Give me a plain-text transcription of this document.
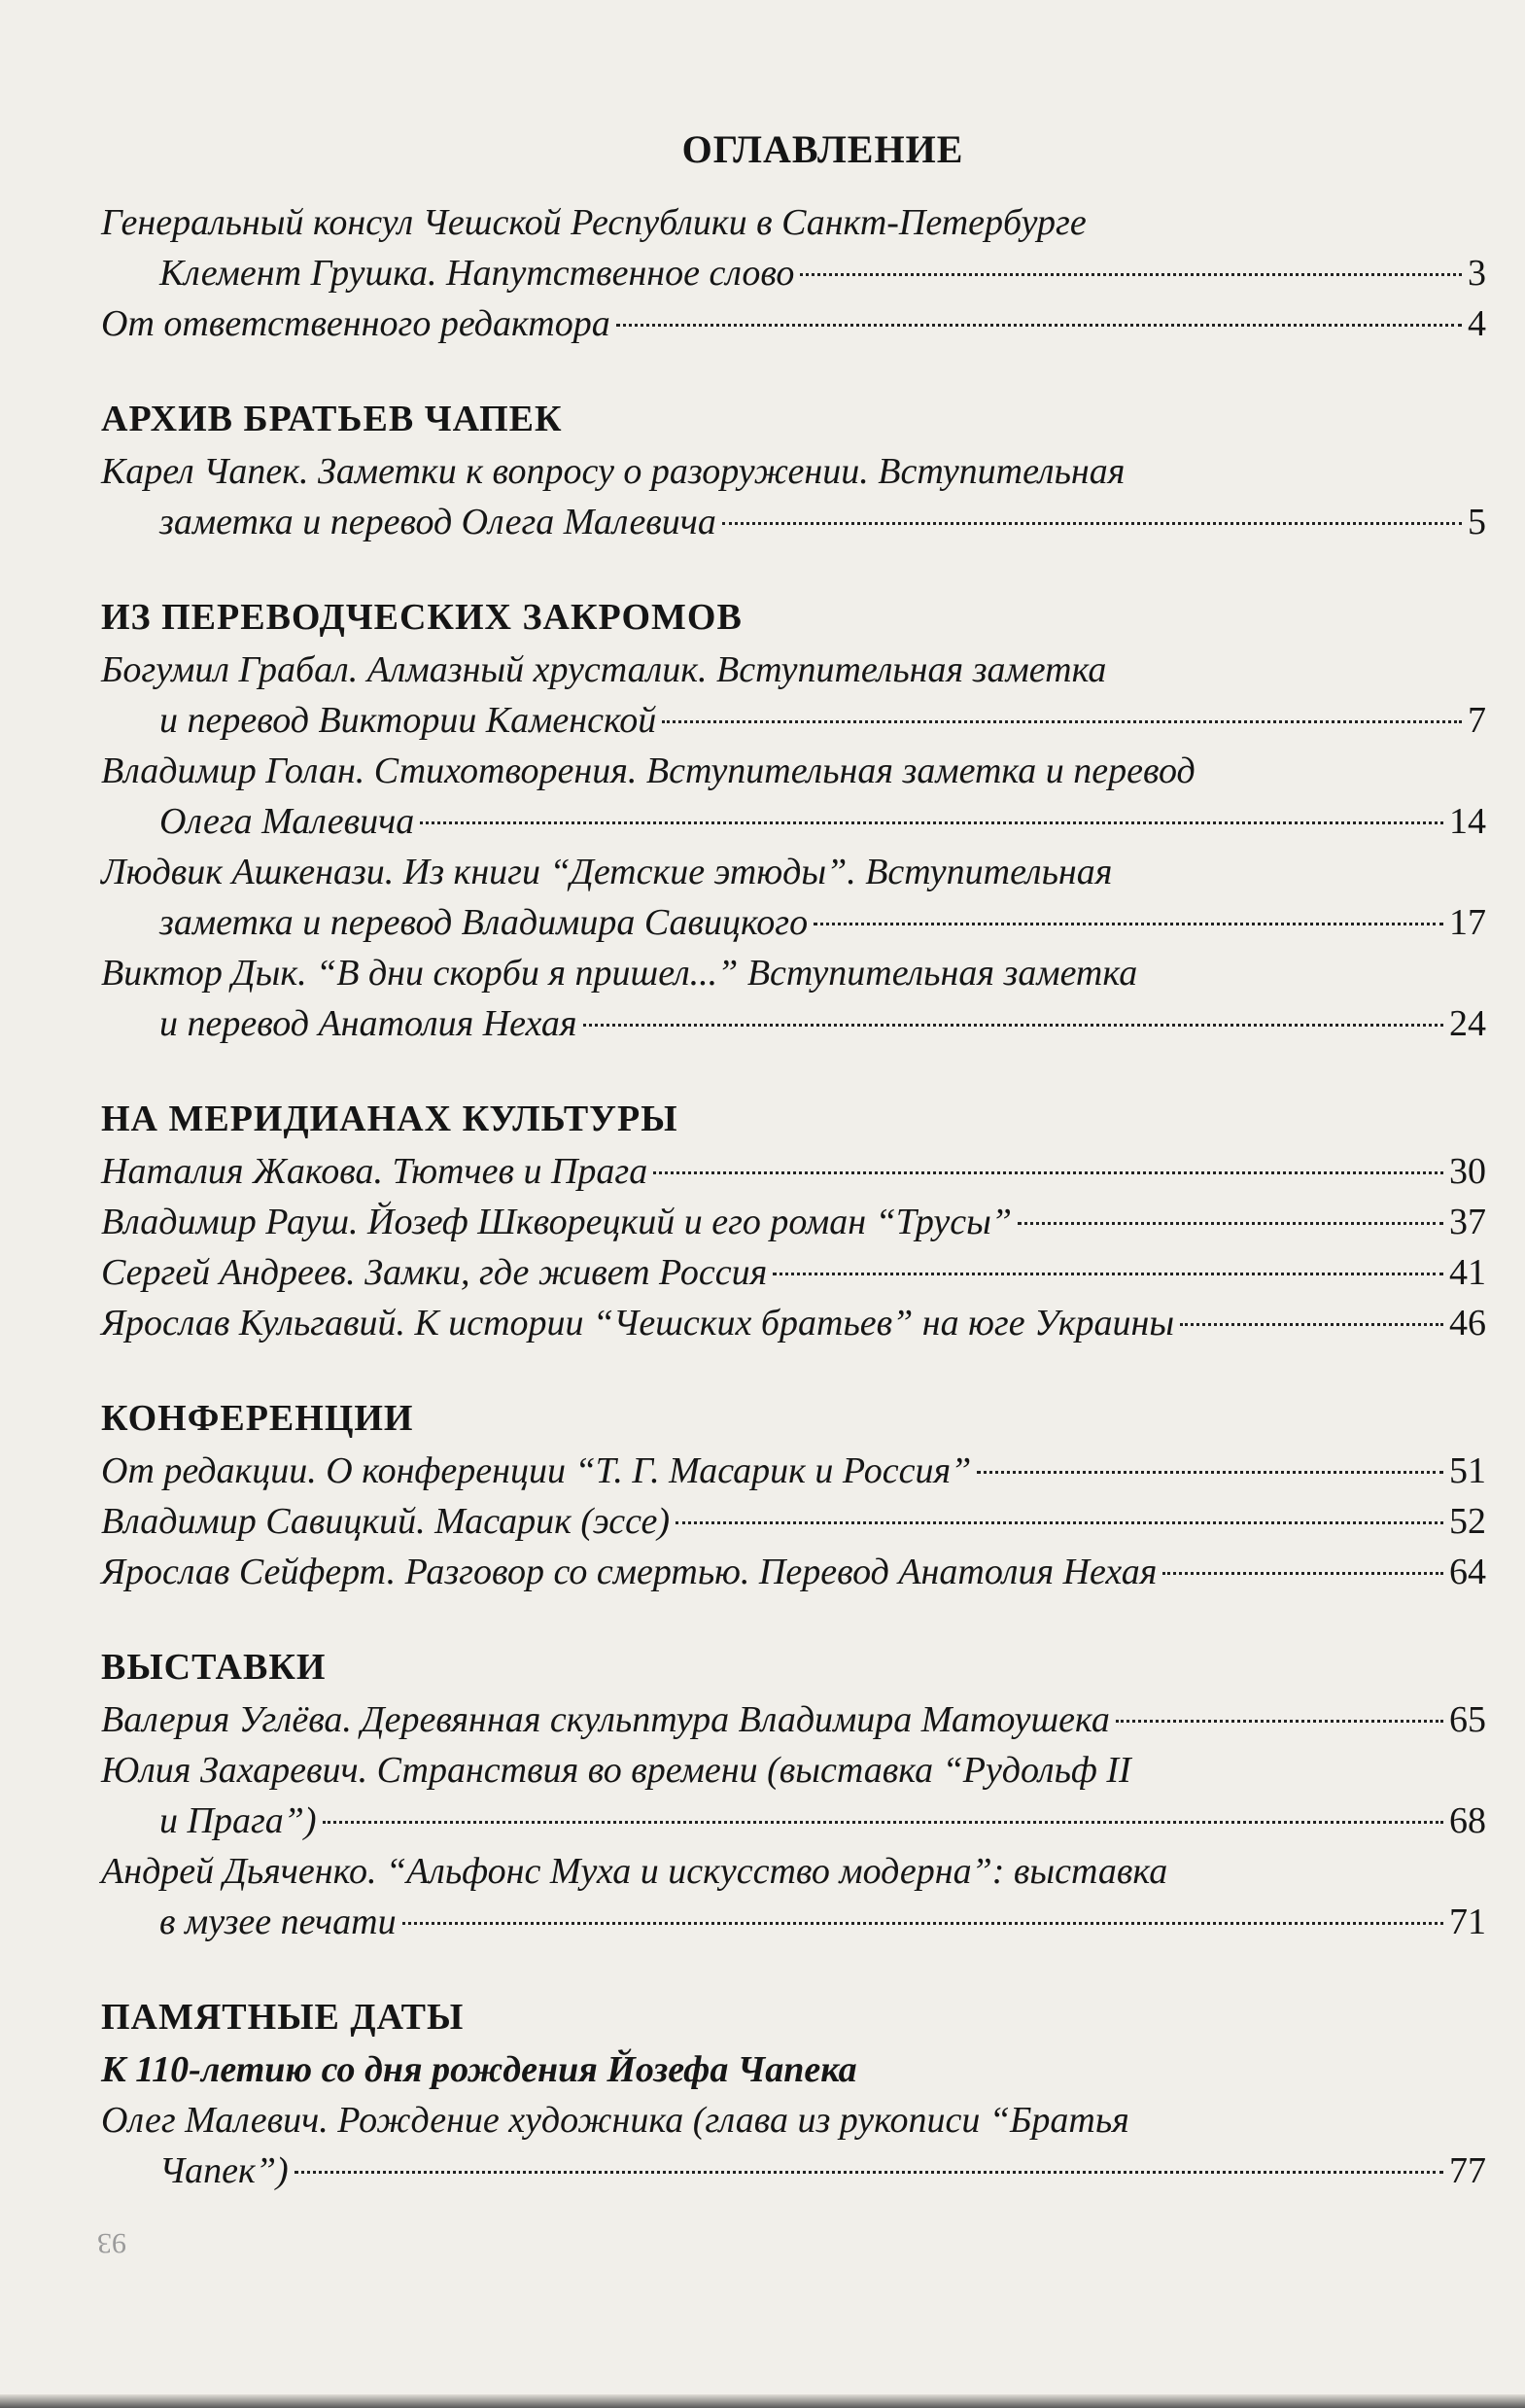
ОГЛАВЛЕНИЕ
Генеральный консул Чешской Республики в Санкт-Петербурге
Клемент Грушка. Напутственное слово	3
От ответственного редактора	4
АРХИВ БРАТЬЕВ ЧАПЕК
Карел Чапек. Заметки к вопросу о разоружении. Вступительная
заметка и перевод Олега Малевича	5
ИЗ ПЕРЕВОДЧЕСКИХ ЗАКРОМОВ
Богумил Грабал. Алмазный хрусталик. Вступительная заметка
и перевод Виктории Каменской	7
Владимир Голан. Стихотворения. Вступительная заметка и перевод
Олега Малевича	14
Людвик Ашкенази. Из книги “Детские этюды”. Вступительная
заметка и перевод Владимира Савицкого	17
Виктор Дык. “В дни скорби я пришел...” Вступительная заметка
и перевод Анатолия Нехая	24
НА МЕРИДИАНАХ КУЛЬТУРЫ
Наталия Жакова. Тютчев и Прага	30
Владимир Рауш. Йозеф Шкворецкий и его роман “Трусы”	37
Сергей Андреев. Замки, где живет Россия	41
Ярослав Кульгавий. К истории “Чешских братьев” на юге Украины	46
КОНФЕРЕНЦИИ
От редакции. О конференции “Т. Г. Масарик и Россия”	51
Владимир Савицкий. Масарик (эссе)	52
Ярослав Сейферт. Разговор со смертью. Перевод Анатолия Нехая	64
ВЫСТАВКИ
Валерия Углёва. Деревянная скульптура Владимира Матоушека	65
Юлия Захаревич. Странствия во времени (выставка “Рудольф II
и Прага”)	68
Андрей Дьяченко. “Альфонс Муха и искусство модерна”: выставка
в музее печати	71
ПАМЯТНЫЕ ДАТЫ
К 110-летию со дня рождения Йозефа Чапека
Олег Малевич. Рождение художника (глава из рукописи “Братья
Чапек”)	77
93
